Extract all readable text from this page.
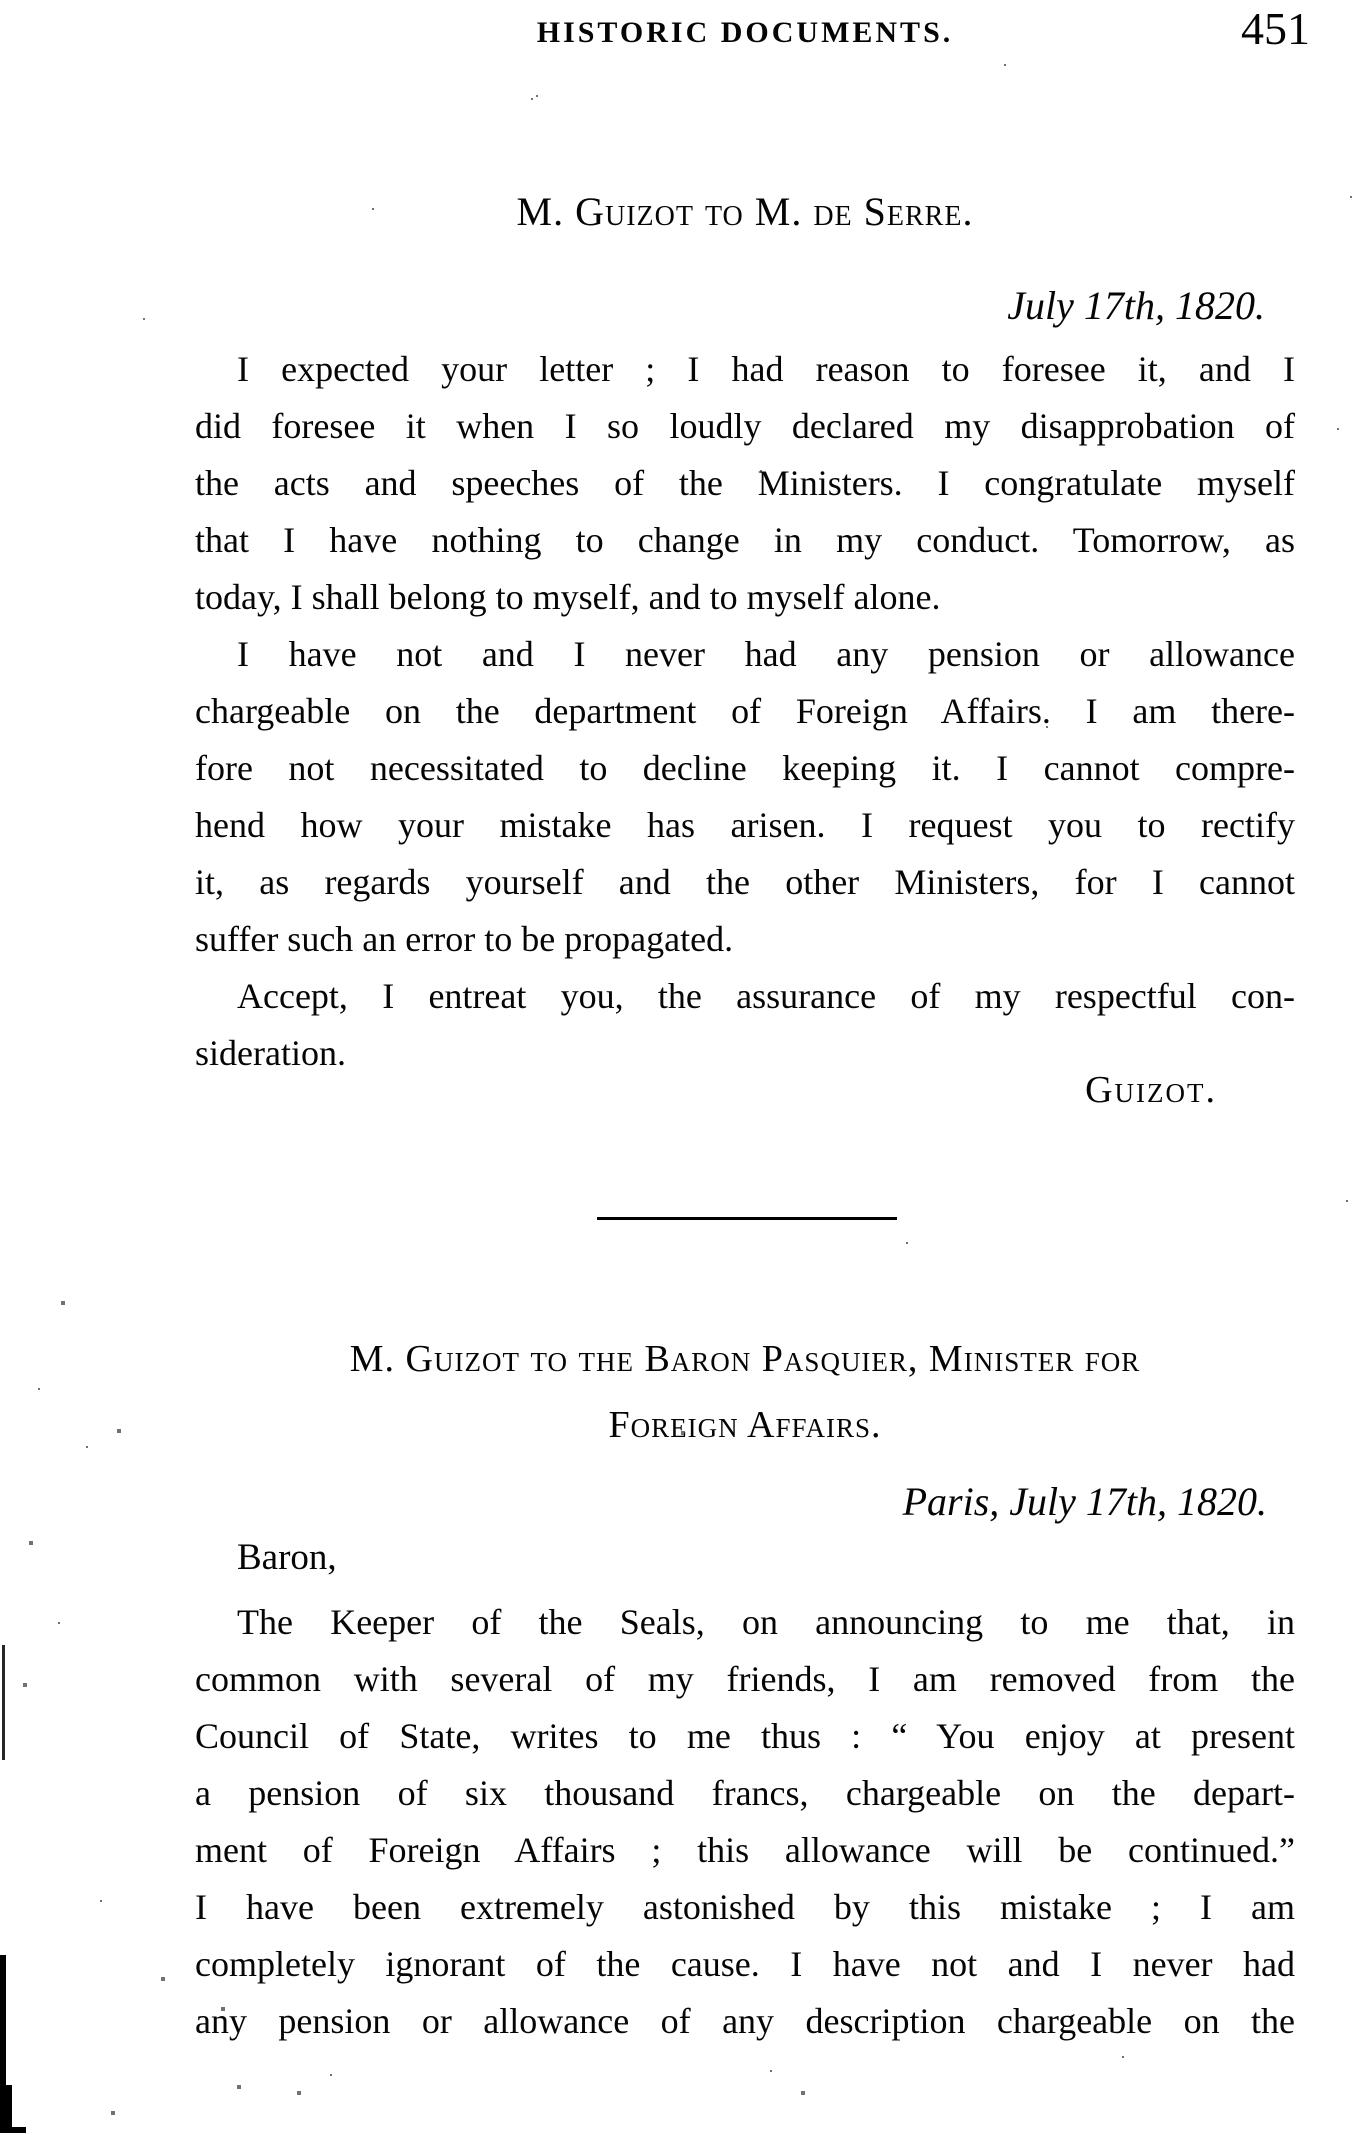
HISTORIC DOCUMENTS.	451
M. Guizot to M. de Serre.
July 17th, 1820.
I expected your letter ; I had reason to foresee it, and I
did foresee it when I so loudly declared my disapprobation of
the acts and speeches of the Ministers. I congratulate myself
that I have nothing to change in my conduct. Tomorrow, as
today, I shall belong to myself, and to myself alone.
I have not and I never had any pension or allowance
chargeable on the department of Foreign Affairs. I am there-
fore not necessitated to decline keeping it. I cannot compre-
hend how your mistake has arisen. I request you to rectify
it, as regards yourself and the other Ministers, for I cannot
suffer such an error to be propagated.
Accept, I entreat you, the assurance of my respectful con-
sideration.
Guizot.
M. Guizot to the Baron Pasquier, Minister for
Foreign Affairs.
Paris, July 17th, 1820.
Baron,
The Keeper of the Seals, on announcing to me that, in
common with several of my friends, I am removed from the
Council of State, writes to me thus : “ You enjoy at present
a pension of six thousand francs, chargeable on the depart-
ment of Foreign Affairs ; this allowance will be continued.”
I have been extremely astonished by this mistake ; I am
completely ignorant of the cause. I have not and I never had
any pension or allowance of any description chargeable on the
